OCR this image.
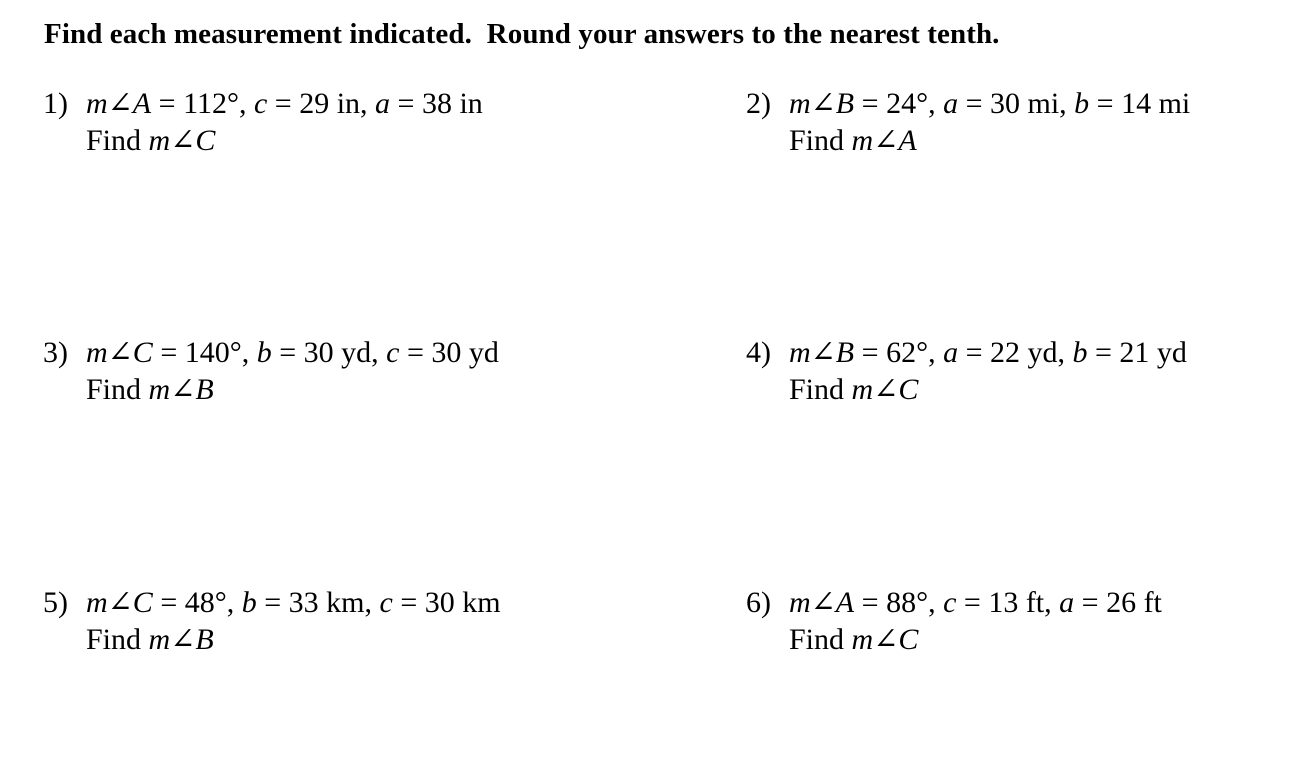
Find each measurement indicated.  Round your answers to the nearest tenth.
1) m∠A = 112°, c = 29 in, a = 38 in
Find m∠C
2) m∠B = 24°, a = 30 mi, b = 14 mi
Find m∠A
3) m∠C = 140°, b = 30 yd, c = 30 yd
Find m∠B
4) m∠B = 62°, a = 22 yd, b = 21 yd
Find m∠C
5) m∠C = 48°, b = 33 km, c = 30 km
Find m∠B
6) m∠A = 88°, c = 13 ft, a = 26 ft
Find m∠C
